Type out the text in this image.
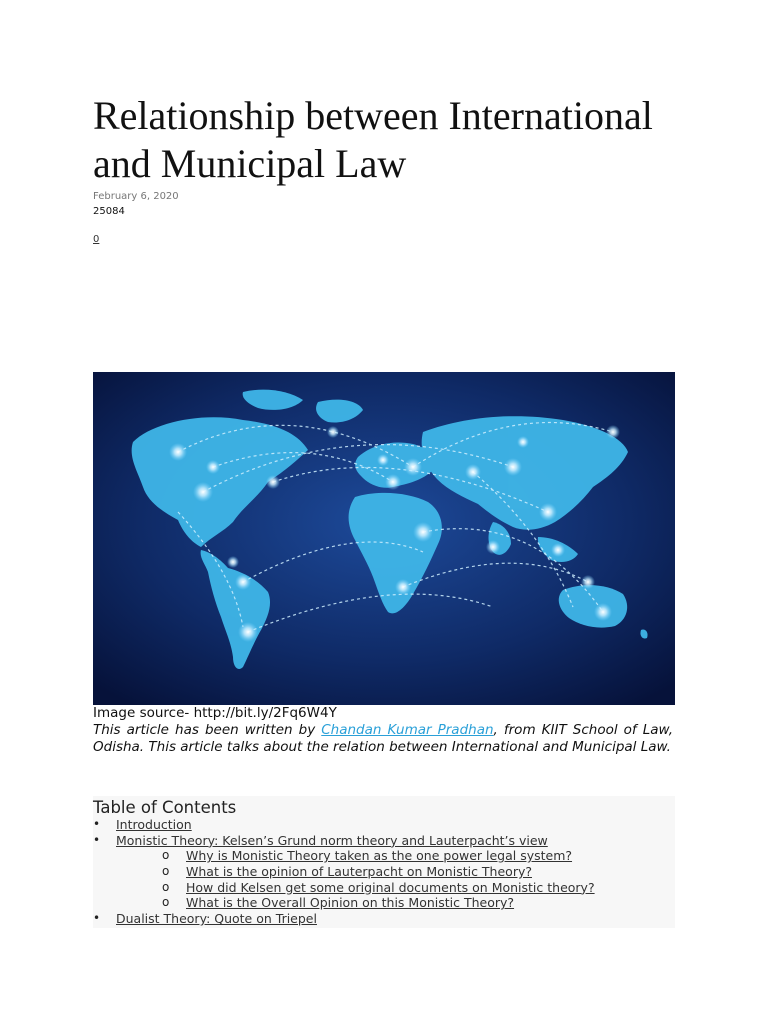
Relationship between International and Municipal Law
February 6, 2020
25084
0
Image source- http://bit.ly/2Fq6W4Y

This article has been written by Chandan Kumar Pradhan, from KIIT School of Law, Odisha. This article talks about the relation between International and Municipal Law.

Table of Contents
• Introduction
• Monistic Theory: Kelsen’s Grund norm theory and Lauterpacht’s view
o Why is Monistic Theory taken as the one power legal system?
o What is the opinion of Lauterpacht on Monistic Theory?
o How did Kelsen get some original documents on Monistic theory?
o What is the Overall Opinion on this Monistic Theory?
• Dualist Theory: Quote on Triepel
